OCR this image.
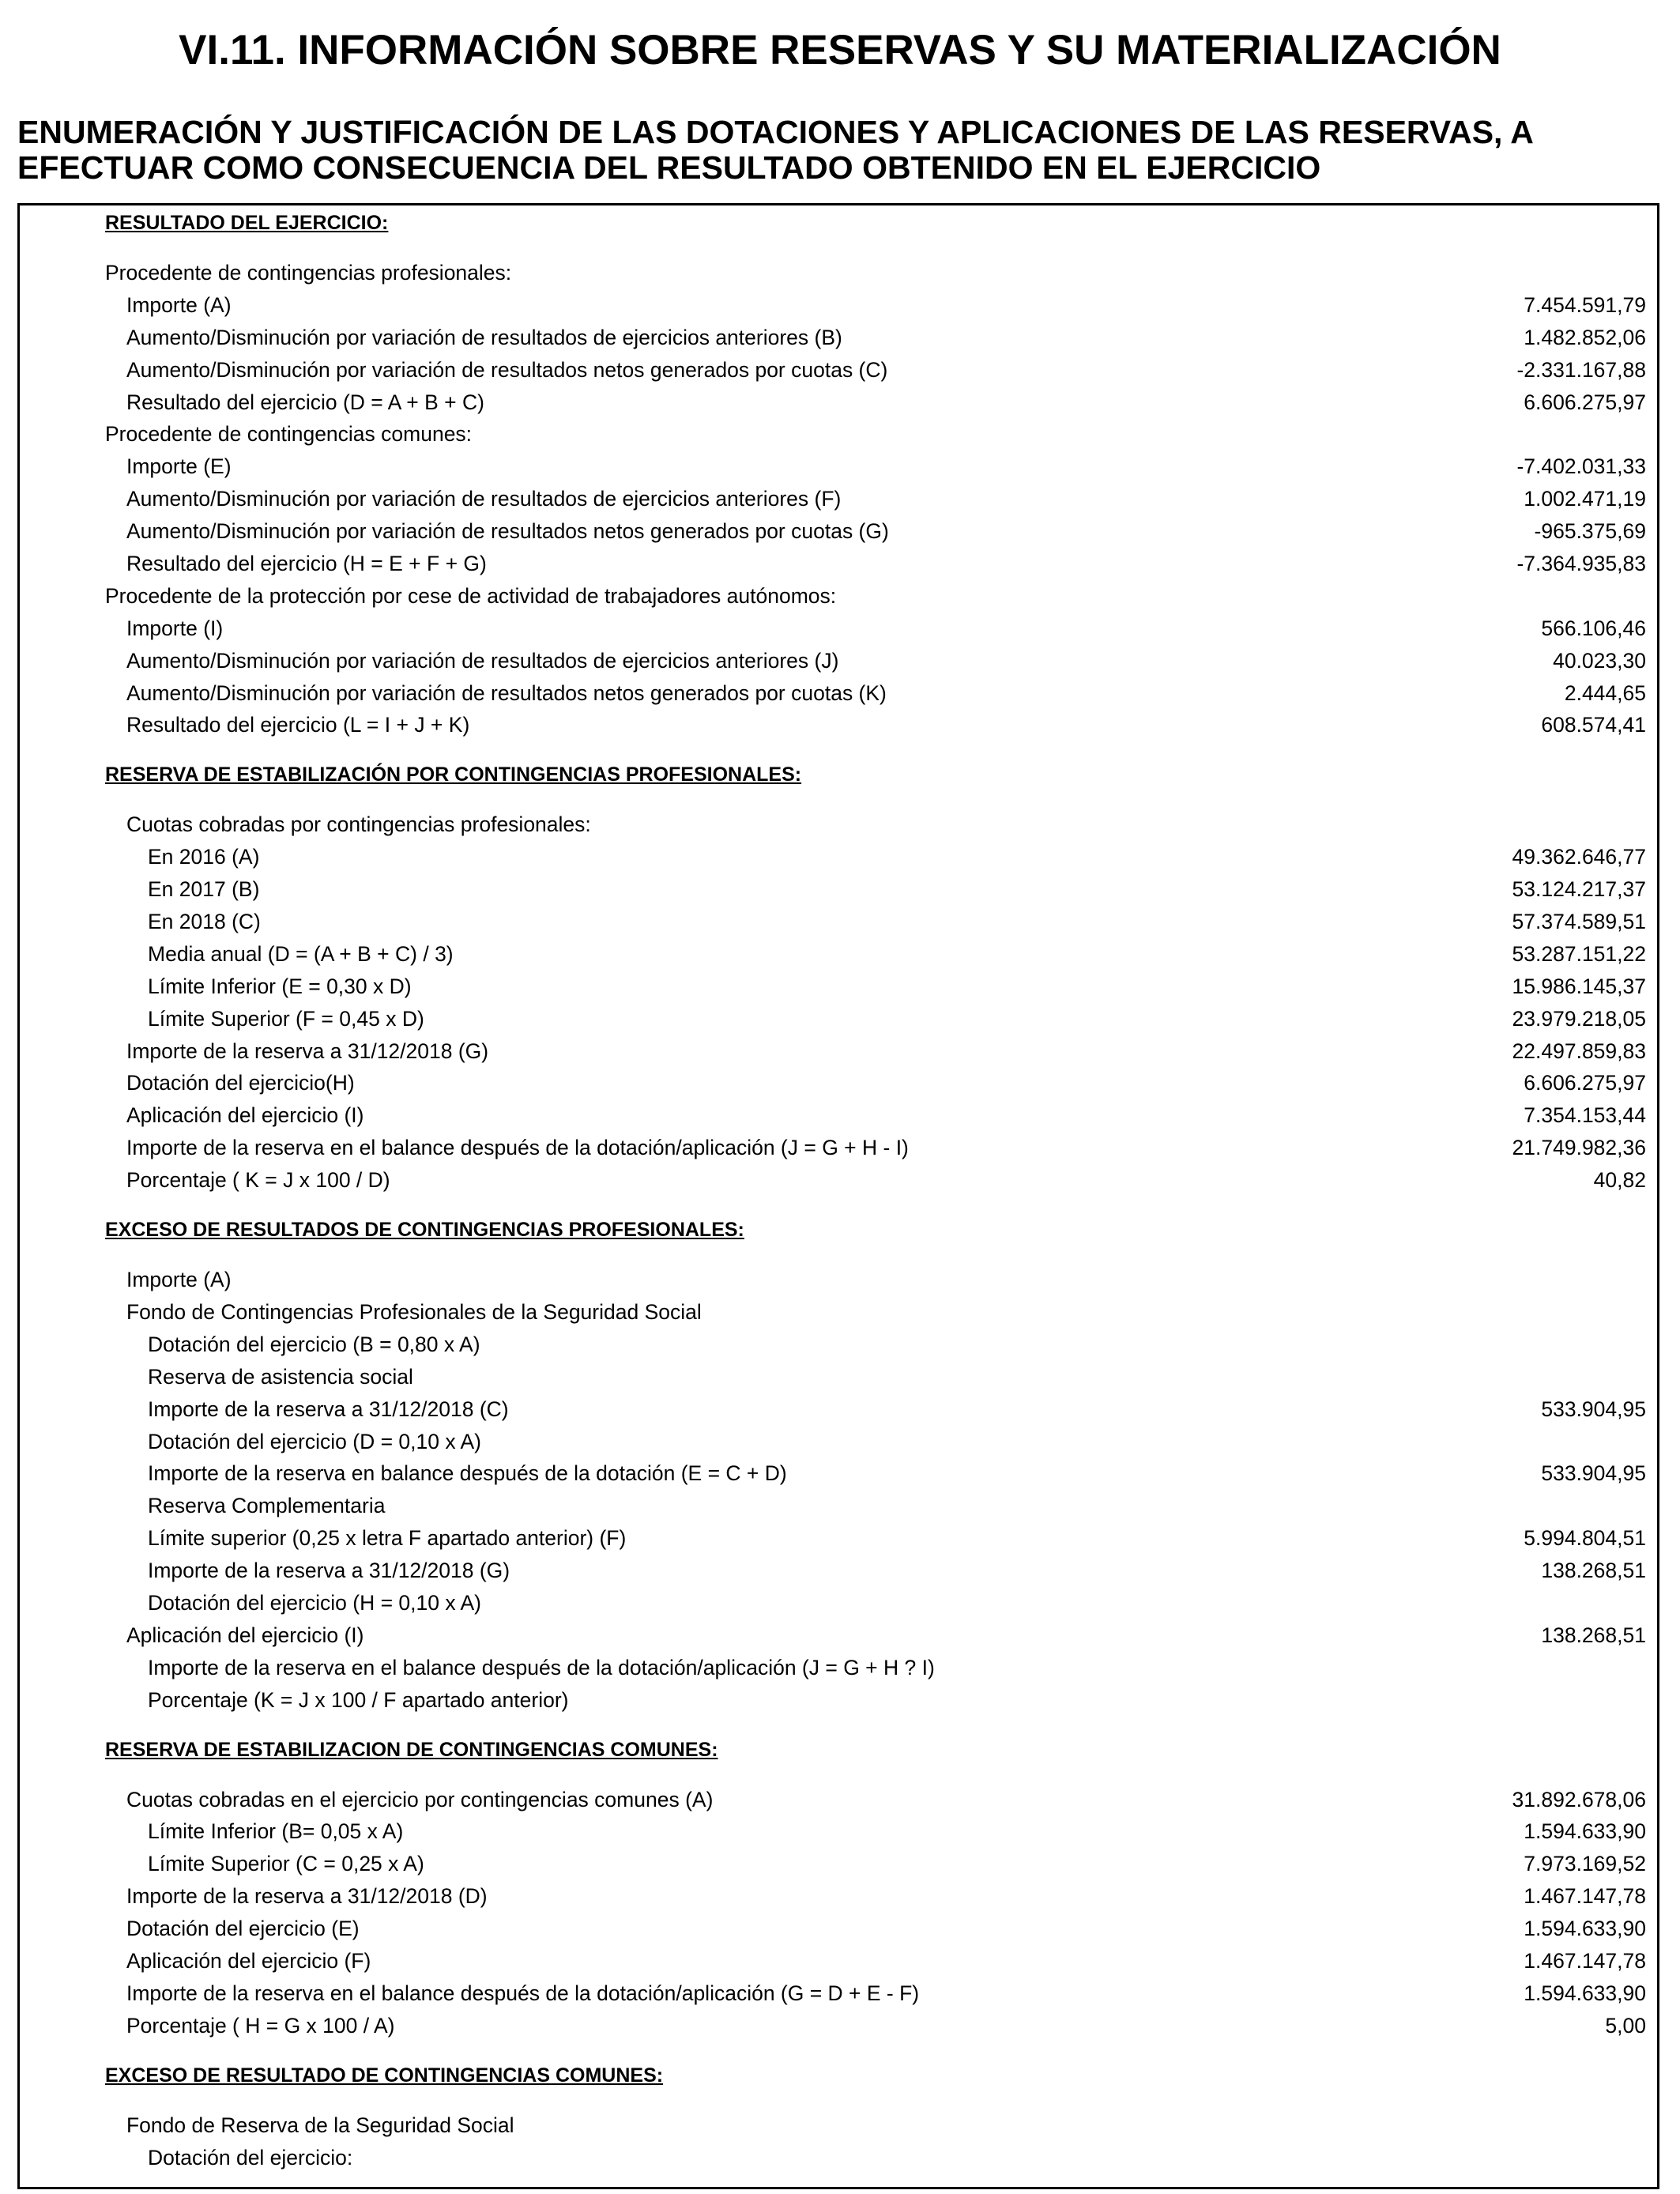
VI.11. INFORMACIÓN SOBRE RESERVAS Y SU MATERIALIZACIÓN
ENUMERACIÓN Y JUSTIFICACIÓN DE LAS DOTACIONES Y APLICACIONES DE LAS RESERVAS, A
EFECTUAR COMO CONSECUENCIA DEL RESULTADO OBTENIDO EN EL EJERCICIO
RESULTADO DEL EJERCICIO:
Procedente de contingencias profesionales:
Importe (A)	7.454.591,79
Aumento/Disminución por variación de resultados de ejercicios anteriores (B)	1.482.852,06
Aumento/Disminución por variación de resultados netos generados por cuotas (C)	-2.331.167,88
Resultado del ejercicio (D = A + B + C)	6.606.275,97
Procedente de contingencias comunes:
Importe (E)	-7.402.031,33
Aumento/Disminución por variación de resultados de ejercicios anteriores (F)	1.002.471,19
Aumento/Disminución por variación de resultados netos generados por cuotas (G)	-965.375,69
Resultado del ejercicio (H = E + F + G)	-7.364.935,83
Procedente de la protección por cese de actividad de trabajadores autónomos:
Importe (I)	566.106,46
Aumento/Disminución por variación de resultados de ejercicios anteriores (J)	40.023,30
Aumento/Disminución por variación de resultados netos generados por cuotas (K)	2.444,65
Resultado del ejercicio (L = I + J + K)	608.574,41
RESERVA DE ESTABILIZACIÓN POR CONTINGENCIAS PROFESIONALES:
Cuotas cobradas por contingencias profesionales:
En 2016 (A)	49.362.646,77
En 2017 (B)	53.124.217,37
En 2018 (C)	57.374.589,51
Media anual (D = (A + B + C) / 3)	53.287.151,22
Límite Inferior (E = 0,30 x D)	15.986.145,37
Límite Superior (F = 0,45 x D)	23.979.218,05
Importe de la reserva a 31/12/2018 (G)	22.497.859,83
Dotación del ejercicio(H)	6.606.275,97
Aplicación del ejercicio (I)	7.354.153,44
Importe de la reserva en el balance después de la dotación/aplicación (J = G + H - I)	21.749.982,36
Porcentaje ( K = J x 100 / D)	40,82
EXCESO DE RESULTADOS DE CONTINGENCIAS PROFESIONALES:
Importe (A)
Fondo de Contingencias Profesionales de la Seguridad Social
Dotación del ejercicio (B = 0,80 x A)
Reserva de asistencia social
Importe de la reserva a 31/12/2018 (C)	533.904,95
Dotación del ejercicio (D = 0,10 x A)
Importe de la reserva en balance después de la dotación (E = C + D)	533.904,95
Reserva Complementaria
Límite superior (0,25 x letra F apartado anterior) (F)	5.994.804,51
Importe de la reserva a 31/12/2018 (G)	138.268,51
Dotación del ejercicio (H = 0,10 x A)
Aplicación del ejercicio (I)	138.268,51
Importe de la reserva en el balance después de la dotación/aplicación (J = G + H ? I)
Porcentaje (K = J x 100 / F apartado anterior)
RESERVA DE ESTABILIZACION DE CONTINGENCIAS COMUNES:
Cuotas cobradas en el ejercicio por contingencias comunes (A)	31.892.678,06
Límite Inferior (B= 0,05 x A)	1.594.633,90
Límite Superior (C = 0,25 x A)	7.973.169,52
Importe de la reserva a 31/12/2018 (D)	1.467.147,78
Dotación del ejercicio (E)	1.594.633,90
Aplicación del ejercicio (F)	1.467.147,78
Importe de la reserva en el balance después de la dotación/aplicación (G = D + E - F)	1.594.633,90
Porcentaje ( H = G x 100 / A)	5,00
EXCESO DE RESULTADO DE CONTINGENCIAS COMUNES:
Fondo de Reserva de la Seguridad Social
Dotación del ejercicio:
